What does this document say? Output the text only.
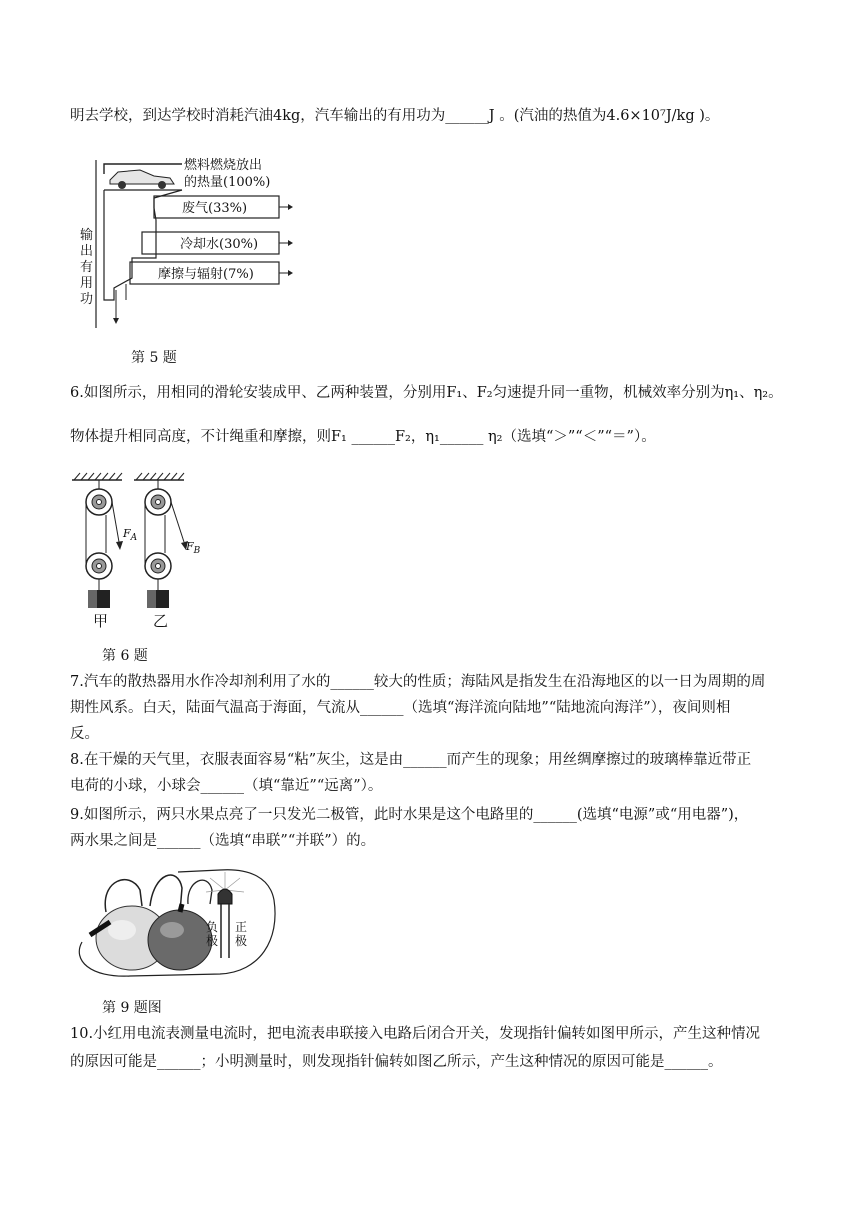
明去学校，到达学校时消耗汽油4kg，汽车输出的有用功为______J 。(汽油的热值为4.6×10⁷J/kg )。
燃料燃烧放出
的热量(100%)
废气(33%)
冷却水(30%)
摩擦与辐射(7%)
输
出
有
用
功
第 5 题
6.如图所示，用相同的滑轮安装成甲、乙两种装置，分别用F₁、F₂匀速提升同一重物，机械效率分别为η₁、η₂。
物体提升相同高度，不计绳重和摩擦，则F₁ ______F₂，η₁______ η₂（选填“＞”“＜”“＝”）。
$F_A$
$F_B$
甲	乙
第 6 题
7.汽车的散热器用水作冷却剂利用了水的______较大的性质；海陆风是指发生在沿海地区的以一日为周期的周
期性风系。白天，陆面气温高于海面，气流从______（选填“海洋流向陆地”“陆地流向海洋”），夜间则相
反。
8.在干燥的天气里，衣服表面容易“粘”灰尘，这是由______而产生的现象；用丝绸摩擦过的玻璃棒靠近带正
电荷的小球，小球会______（填“靠近”“远离”）。
9.如图所示，两只水果点亮了一只发光二极管，此时水果是这个电路里的______(选填“电源”或“用电器”)，
两水果之间是______（选填“串联”“并联”）的。
负
极
正
极
第 9 题图
10.小红用电流表测量电流时，把电流表串联接入电路后闭合开关，发现指针偏转如图甲所示，产生这种情况
的原因可能是______；小明测量时，则发现指针偏转如图乙所示，产生这种情况的原因可能是______。
